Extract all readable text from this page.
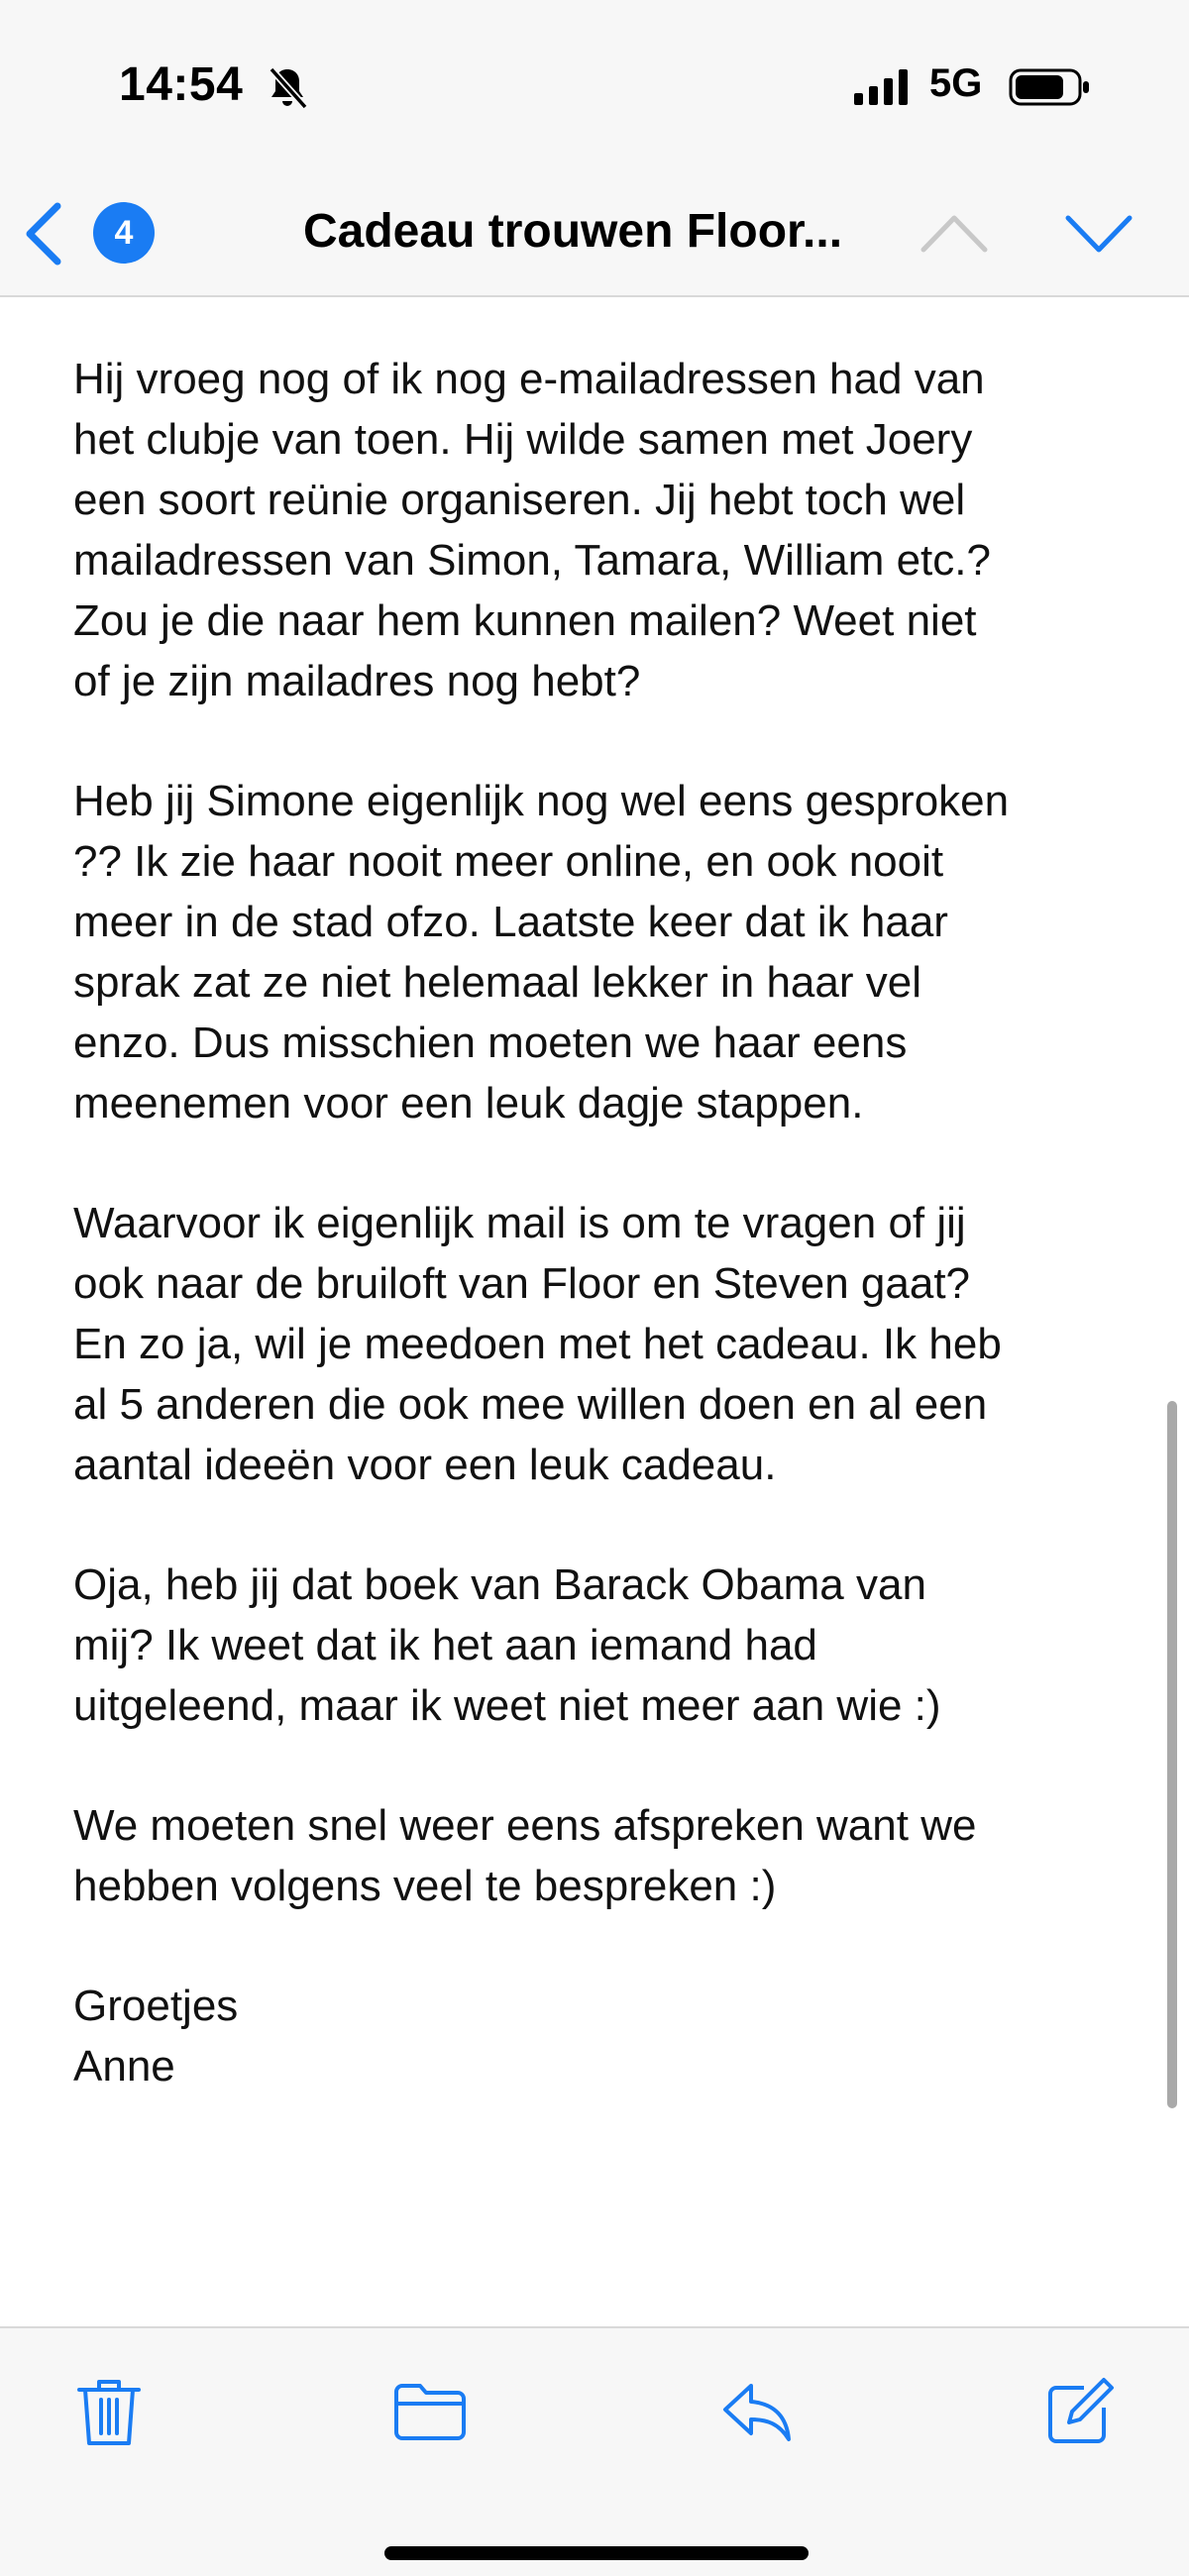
14:54	5G
4	Cadeau trouwen Floor...
Hij vroeg nog of ik nog e-mailadressen had van
het clubje van toen. Hij wilde samen met Joery
een soort reünie organiseren. Jij hebt toch wel
mailadressen van Simon, Tamara, William etc.?
Zou je die naar hem kunnen mailen? Weet niet
of je zijn mailadres nog hebt?
Heb jij Simone eigenlijk nog wel eens gesproken
?? Ik zie haar nooit meer online, en ook nooit
meer in de stad ofzo. Laatste keer dat ik haar
sprak zat ze niet helemaal lekker in haar vel
enzo. Dus misschien moeten we haar eens
meenemen voor een leuk dagje stappen.
Waarvoor ik eigenlijk mail is om te vragen of jij
ook naar de bruiloft van Floor en Steven gaat?
En zo ja, wil je meedoen met het cadeau. Ik heb
al 5 anderen die ook mee willen doen en al een
aantal ideeën voor een leuk cadeau.
Oja, heb jij dat boek van Barack Obama van
mij? Ik weet dat ik het aan iemand had
uitgeleend, maar ik weet niet meer aan wie :)
We moeten snel weer eens afspreken want we
hebben volgens veel te bespreken :)
Groetjes
Anne
